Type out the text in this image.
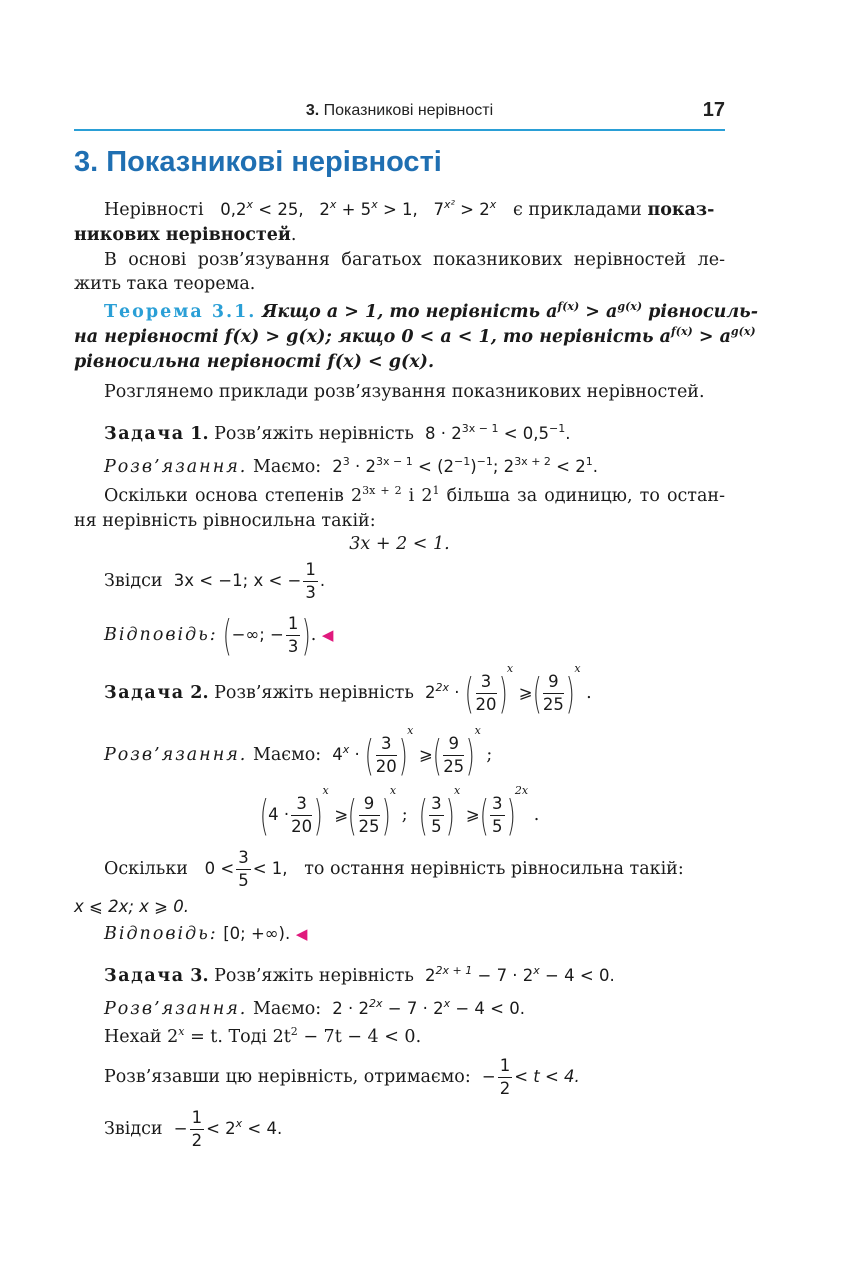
3. Показникові нерівності	17
3. Показникові нерівності
Нерівності $0,2^x < 25$, $2^x + 5^x > 1$, $7^{x^2} > 2^x$ є прикладами показ-
никових нерівностей.
В основі розв’язування багатьох показникових нерівностей ле-
жить така теорема.
Теорема 3.1. Якщо a > 1, то нерівність $a^{f(x)} > a^{g(x)}$ рівносиль-
на нерівності f(x) > g(x); якщо 0 < a < 1, то нерівність $a^{f(x)} > a^{g(x)}$
рівносильна нерівності f(x) < g(x).
Розглянемо приклади розв’язування показникових нерівностей.
Задача 1. Розв’яжіть нерівність $8 \cdot 2^{3x - 1} < 0,5^{-1}$.
Розв’язання. Маємо: $2^3 \cdot 2^{3x - 1} < (2^{-1})^{-1}$; $2^{3x + 2} < 2^1$.
Оскільки основа степенів $2^{3x + 2}$ і $2^1$ більша за одиницю, то остан-
ня нерівність рівносильна такій:
3x + 2 < 1.
Звідси 3x < −1; x < − $\frac{1}{3}$ .
Відповідь: (−∞; − $\frac{1}{3}$ ). ◀
Задача 2. Розв’яжіть нерівність $2^{2x}$ · ( $\frac{3}{20} )^x$ ⩾( $\frac{9}{25} )^x$ .
Розв’язання. Маємо: $4^x$ · ( $\frac{3}{20} )^x$ ⩾( $\frac{9}{25} )^x$ ;
$(4 \cdot \frac{3}{20} )^x$ ⩾( $\frac{9}{25} )^x$ ;  ( $\frac{3}{5} )^x$ ⩾( $\frac{3}{5} )^{2x}$ .
Оскільки $0 < \frac{3}{5} < 1$, то остання нерівність рівносильна такій:
x ⩽ 2x; x ⩾ 0.
Відповідь: [0; +∞). ◀
Задача 3. Розв’яжіть нерівність $2^{2x + 1} - 7 \cdot 2^x - 4 < 0$.
Розв’язання. Маємо: $2 \cdot 2^{2x} - 7 \cdot 2^x - 4 < 0$.
Нехай $2^x = t$. Тоді $2t^2 - 7t - 4 < 0$.
Розв’язавши цю нерівність, отримаємо: − $\frac{1}{2} < t < 4$.
Звідси − $\frac{1}{2} < 2^x < 4$.
